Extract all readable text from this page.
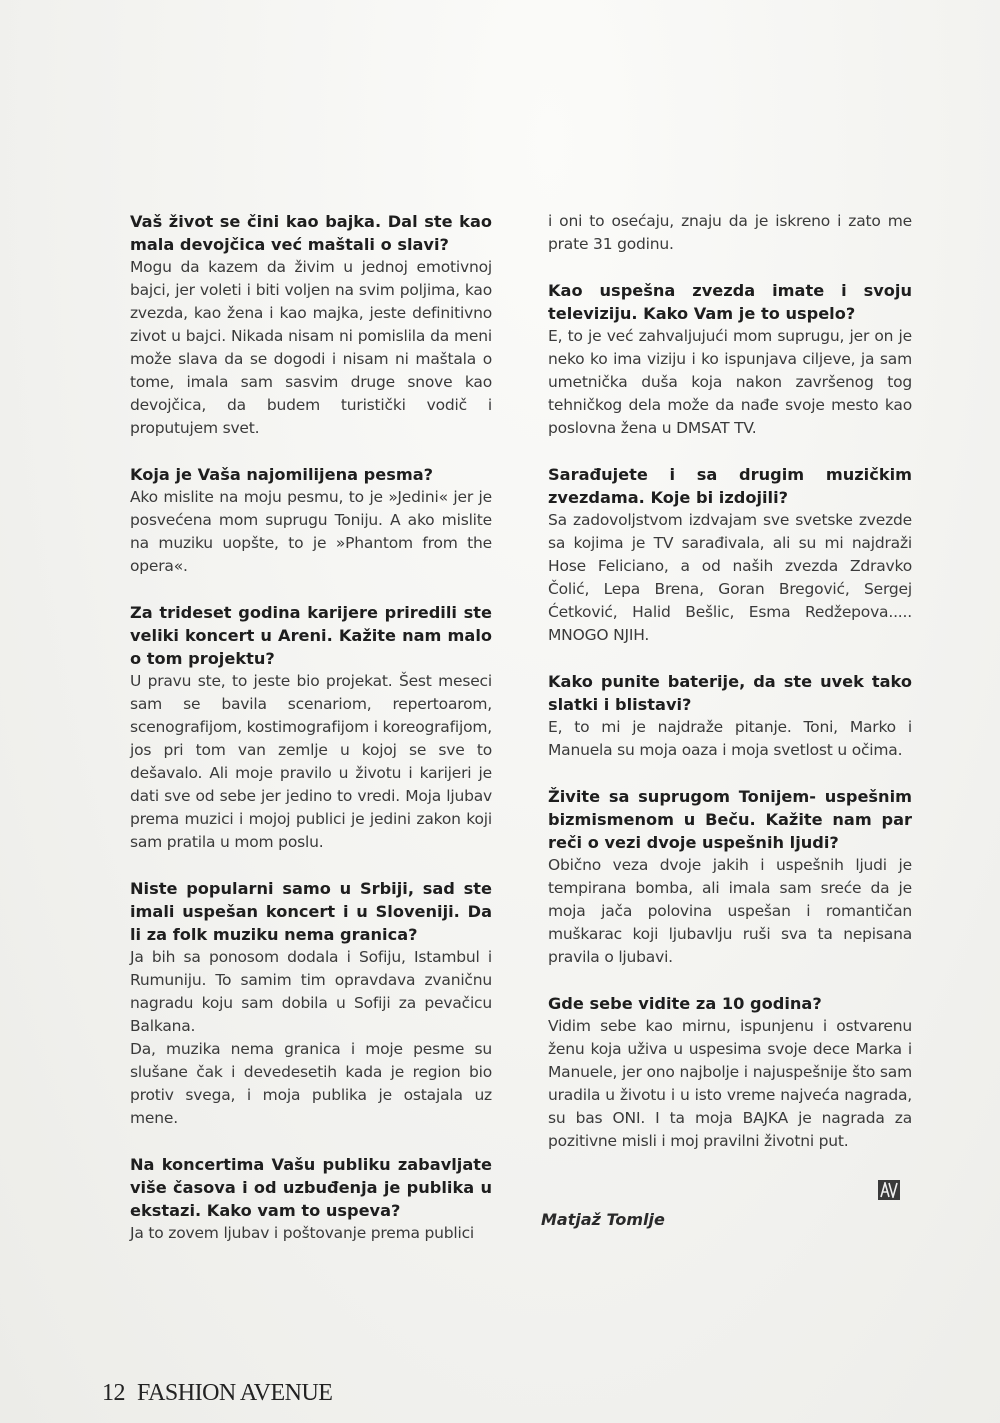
Vaš život se čini kao bajka. Dal ste kao mala devojčica već maštali o slavi?

Mogu da kazem da živim u jednoj emotivnoj bajci, jer voleti i biti voljen na svim poljima, kao zvezda, kao žena i kao majka, jeste definitivno zivot u bajci. Nikada nisam ni pomislila da meni može slava da se dogodi i nisam ni maštala o tome, imala sam sasvim druge snove kao devojčica, da budem turistički vodič i proputujem svet.

Koja je Vaša najomilijena pesma?

Ako mislite na moju pesmu, to je »Jedini« jer je posvećena mom suprugu Toniju. A ako mislite na muziku uopšte, to je »Phantom from the opera«.

Za trideset godina karijere priredili ste veliki koncert u Areni. Kažite nam malo o tom projektu?

U pravu ste, to jeste bio projekat. Šest meseci sam se bavila scenariom, repertoarom, scenografijom, kostimografijom i koreografijom, jos pri tom van zemlje u kojoj se sve to dešavalo. Ali moje pravilo u životu i karijeri je dati sve od sebe jer jedino to vredi. Moja ljubav prema muzici i mojoj publici je jedini zakon koji sam pratila u mom poslu.

Niste popularni samo u Srbiji, sad ste imali uspešan koncert i u Sloveniji. Da li za folk muziku nema granica?

Ja bih sa ponosom dodala i Sofiju, Istambul i Rumuniju. To samim tim opravdava zvaničnu nagradu koju sam dobila u Sofiji za pevačicu Balkana.

Da, muzika nema granica i moje pesme su slušane čak i devedesetih kada je region bio protiv svega, i moja publika je ostajala uz mene.

Na koncertima Vašu publiku zabavljate više časova i od uzbuđenja je publika u ekstazi. Kako vam to uspeva?

Ja to zovem ljubav i poštovanje prema publici

i oni to osećaju, znaju da je iskreno i zato me prate 31 godinu.

Kao uspešna zvezda imate i svoju televiziju. Kako Vam je to uspelo?

E, to je već zahvaljujući mom suprugu, jer on je neko ko ima viziju i ko ispunjava ciljeve, ja sam umetnička duša koja nakon završenog tog tehničkog dela može da nađe svoje mesto kao poslovna žena u DMSAT TV.

Sarađujete i sa drugim muzičkim zvezdama. Koje bi izdojili?

Sa zadovoljstvom izdvajam sve svetske zvezde sa kojima je TV sarađivala, ali su mi najdraži Hose Feliciano, a od naših zvezda Zdravko Čolić, Lepa Brena, Goran Bregović, Sergej Ćetković, Halid Bešlic, Esma Redžepova..... MNOGO NJIH.

Kako punite baterije, da ste uvek tako slatki i blistavi?

E, to mi je najdraže pitanje. Toni, Marko i Manuela su moja oaza i moja svetlost u očima.

Živite sa suprugom Tonijem- uspešnim bizmismenom u Beču. Kažite nam par reči o vezi dvoje uspešnih ljudi?

Obično veza dvoje jakih i uspešnih ljudi je tempirana bomba, ali imala sam sreće da je moja jača polovina uspešan i romantičan muškarac koji ljubavlju ruši sva ta nepisana pravila o ljubavi.

Gde sebe vidite za 10 godina?

Vidim sebe kao mirnu, ispunjenu i ostvarenu ženu koja uživa u uspesima svoje dece Marka i Manuele, jer ono najbolje i najuspešnije što sam uradila u životu i u isto vreme najveća nagrada, su bas ONI. I ta moja BAJKA je nagrada za pozitivne misli i moj pravilni životni put.

Matjaž Tomlje
12 FASHION AVENUE
